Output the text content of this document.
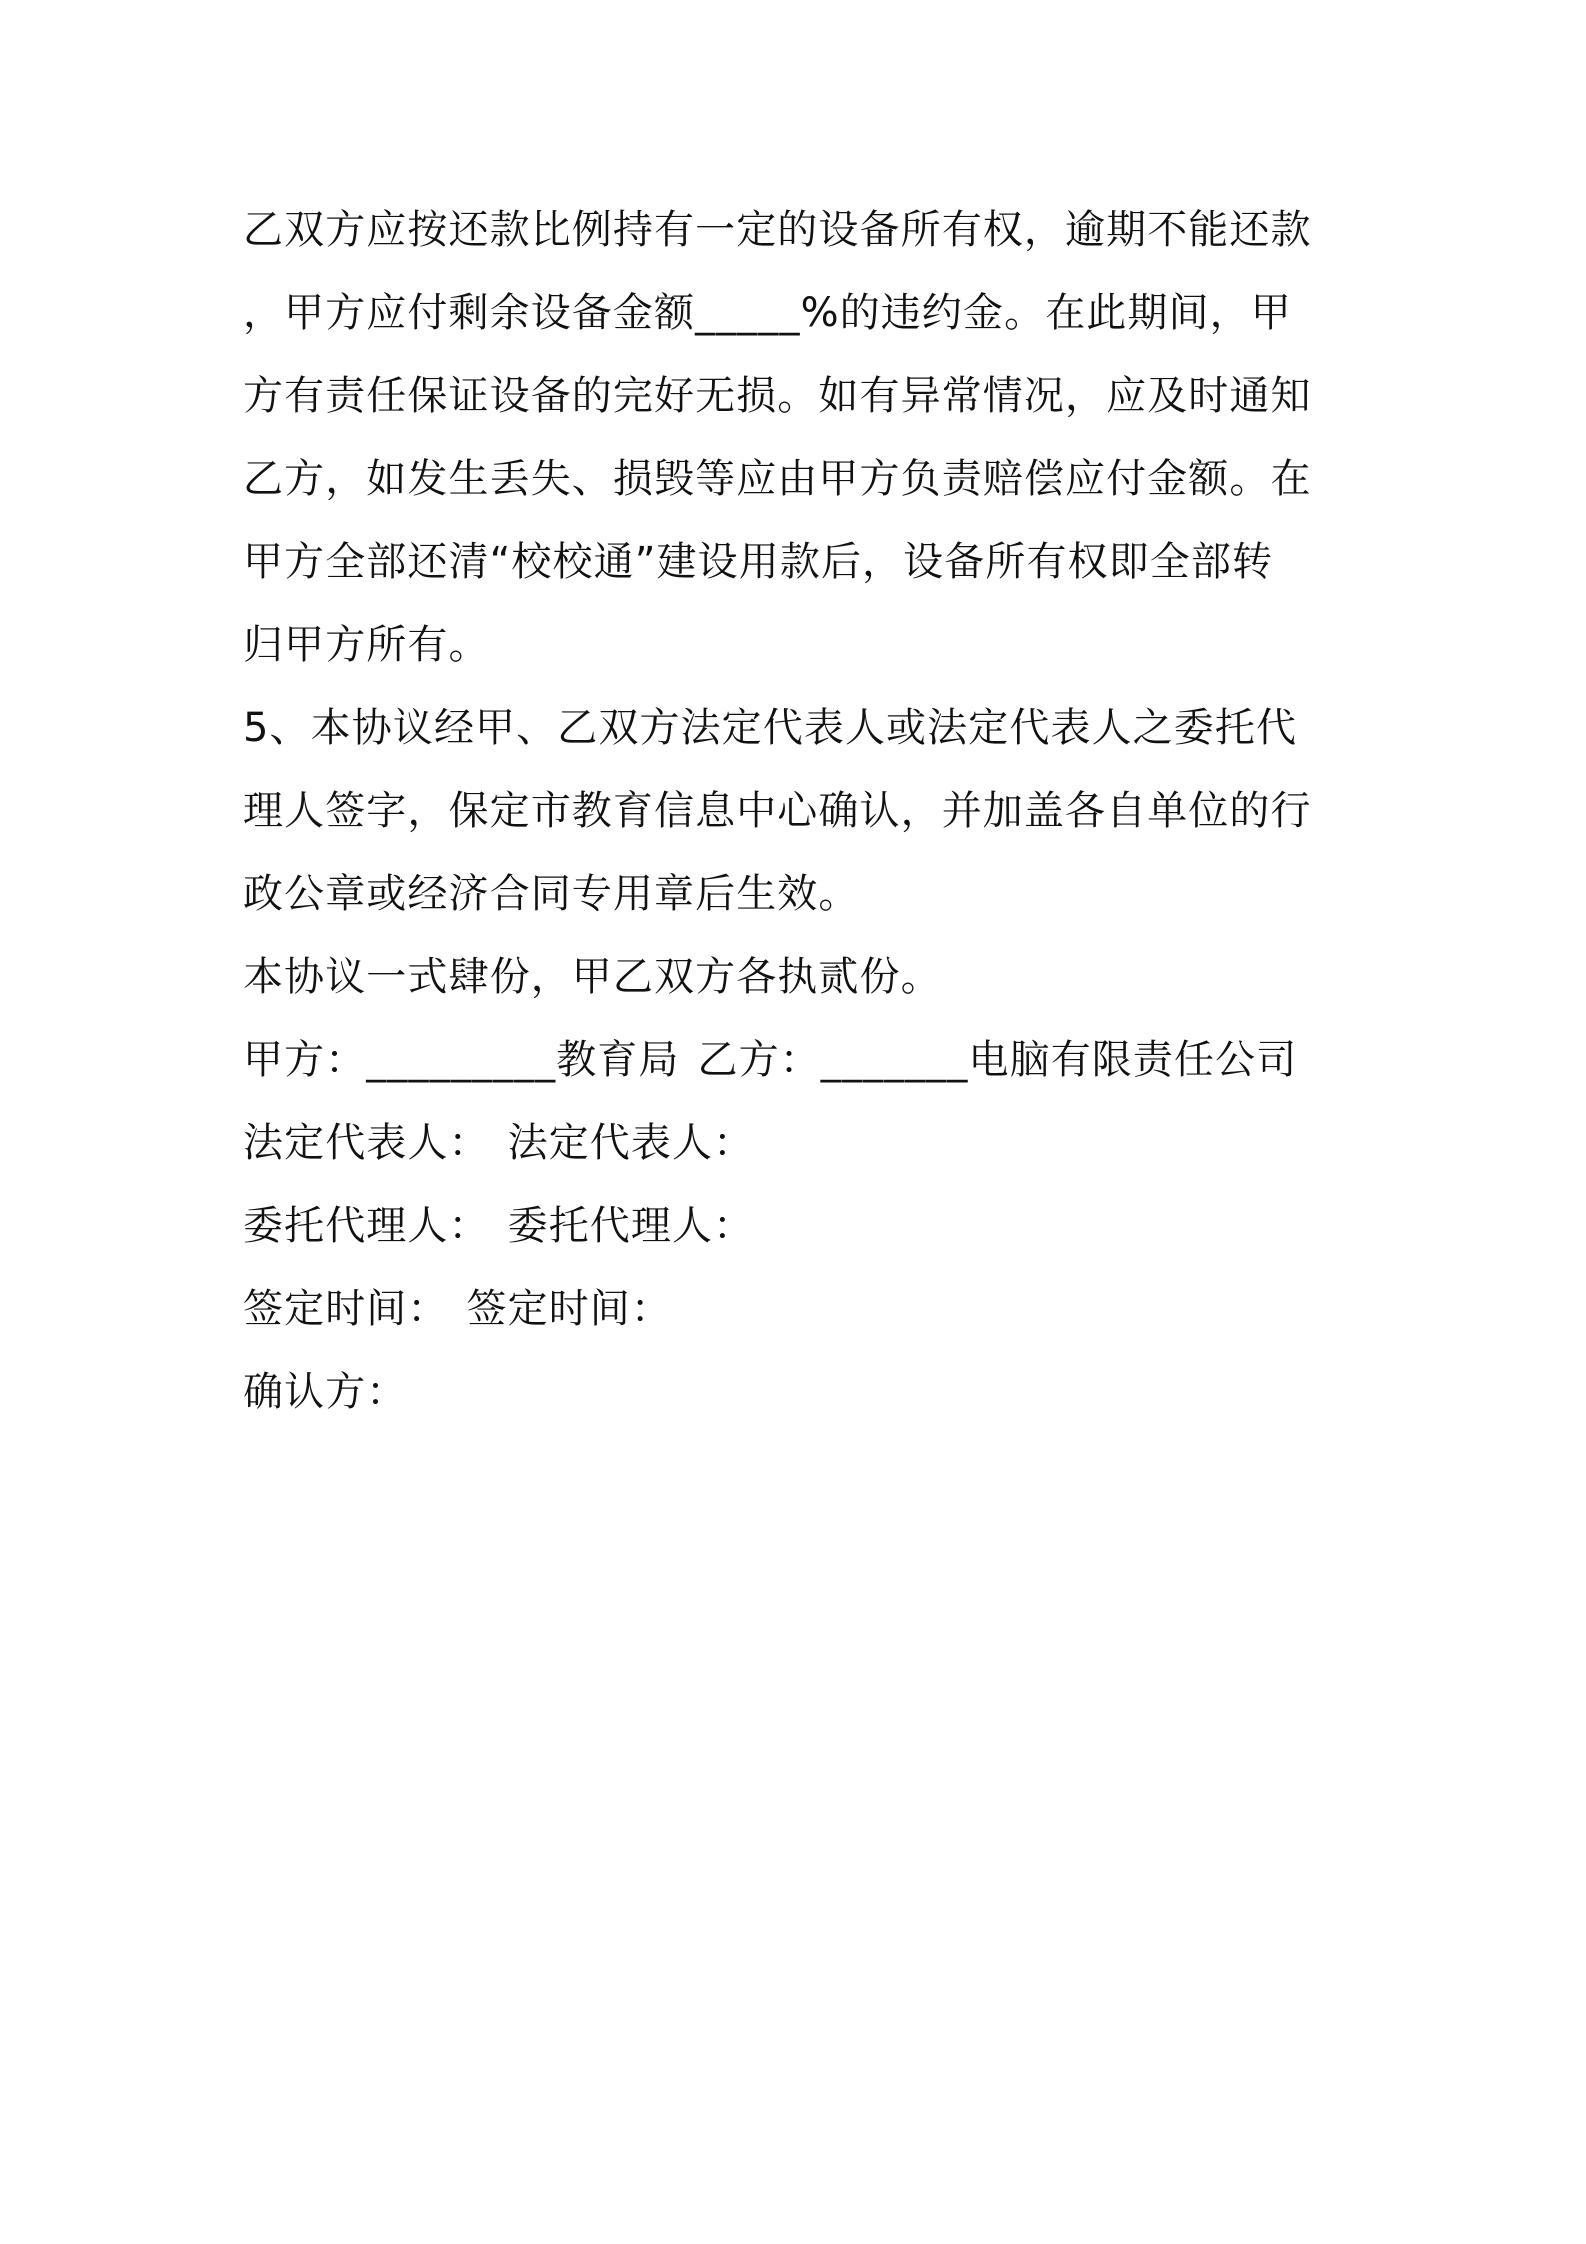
乙双方应按还款比例持有一定的设备所有权，逾期不能还款
，甲方应付剩余设备金额_____%的违约金。在此期间，甲
方有责任保证设备的完好无损。如有异常情况，应及时通知
乙方，如发生丢失、损毁等应由甲方负责赔偿应付金额。在
甲方全部还清“校校通”建设用款后，设备所有权即全部转
归甲方所有。
5、本协议经甲、乙双方法定代表人或法定代表人之委托代
理人签字，保定市教育信息中心确认，并加盖各自单位的行
政公章或经济合同专用章后生效。
本协议一式肆份，甲乙双方各执贰份。
甲方：_________教育局 乙方：_______电脑有限责任公司
法定代表人： 法定代表人：
委托代理人： 委托代理人：
签定时间： 签定时间：
确认方：
